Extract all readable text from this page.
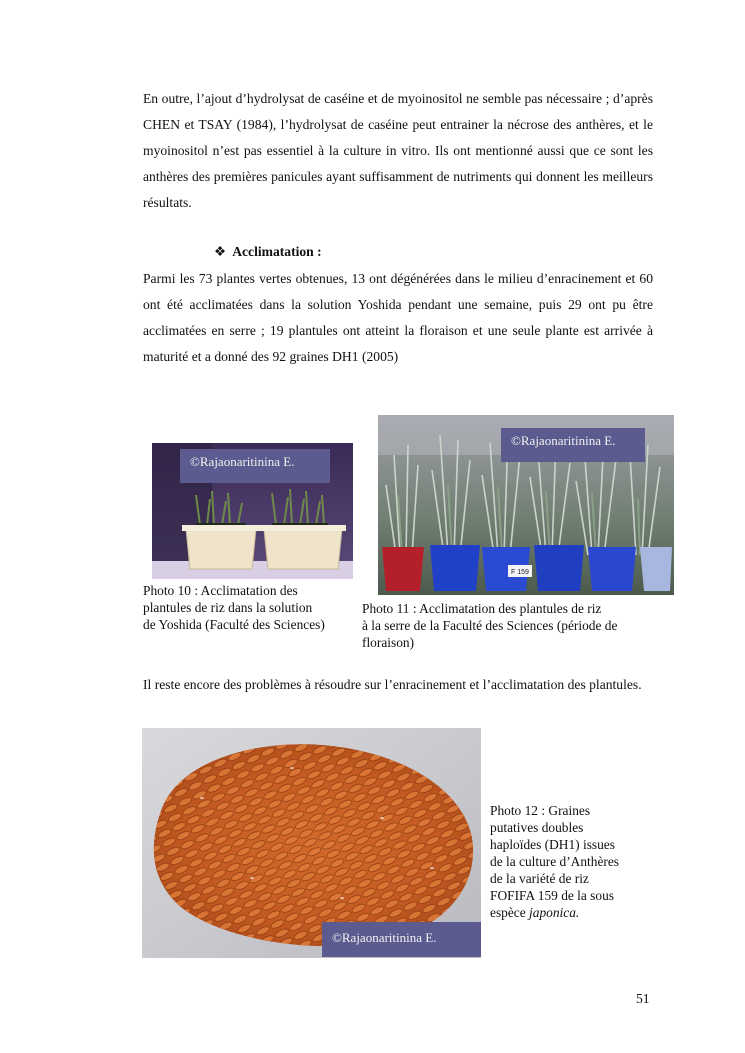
En outre, l’ajout d’hydrolysat de caséine et de myoinositol ne semble pas nécessaire ; d’après CHEN et TSAY (1984), l’hydrolysat de caséine peut entrainer la nécrose des anthères, et le myoinositol n’est pas essentiel à la culture in vitro. Ils ont mentionné aussi que ce sont les anthères des premières panicules ayant suffisamment de nutriments qui donnent les meilleurs résultats.
❖ Acclimatation :
Parmi les 73 plantes vertes obtenues, 13 ont dégénérées dans le milieu d’enracinement et 60 ont été acclimatées dans la solution Yoshida pendant une semaine, puis 29 ont pu être acclimatées en serre ; 19 plantules ont atteint la floraison et une seule plante est arrivée à maturité et a donné des 92 graines DH1 (2005)
©Rajaonaritinina E.
Photo 10 : Acclimatation des
plantules de riz dans la solution
de Yoshida (Faculté des Sciences)
F 159
©Rajaonaritinina E.
Photo 11 : Acclimatation des plantules de riz
à la serre de la Faculté des Sciences (période de
floraison)
Il reste encore des problèmes à résoudre sur l’enracinement et l’acclimatation des plantules.
©Rajaonaritinina E.
Photo 12 : Graines
putatives doubles
haploïdes (DH1) issues
de la culture d’Anthères
de la variété de riz
FOFIFA 159 de la sous
espèce japonica.
51
